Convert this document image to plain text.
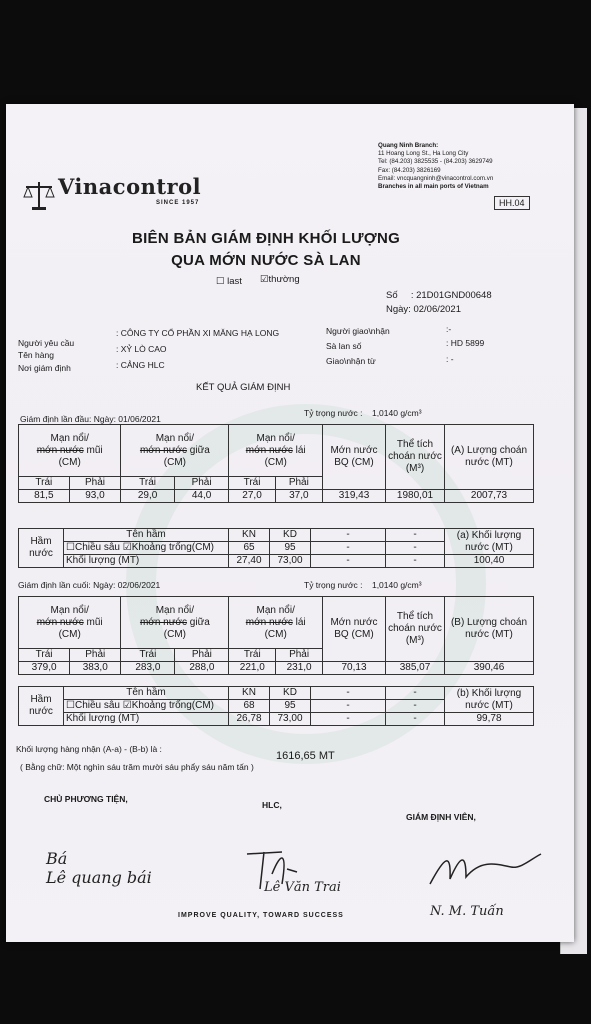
Vinacontrol
SINCE 1957
Quang Ninh Branch:
11 Hoang Long St., Ha Long City
Tel: (84.203) 3825535 - (84.203) 3629749
Fax: (84.203) 3826169
Email: vncquangninh@vinacontrol.com.vn
Branches in all main ports of Vietnam
HH.04
BIÊN BẢN GIÁM ĐỊNH KHỐI LƯỢNG
QUA MỚN NƯỚC SÀ LAN
☐ last ☑thường
Số : 21D01GND00648
Ngày: 02/06/2021
Người yêu cầu
: CÔNG TY CỔ PHẦN XI MĂNG HẠ LONG
Tên hàng
: XỶ LÒ CAO
Nơi giám định	: CẢNG HLC
Người giao\nhận	:-
Sà lan số	: HD 5899
Giao\nhận từ	: -
KẾT QUẢ GIÁM ĐỊNH
Giám định lần đầu: Ngày: 01/06/2021
Tỷ trọng nước : 1,0140 g/cm³
Mạn nổi/
mớn nước mũi
(CM)		Mạn nổi/
mớn nước giữa
(CM)		Mạn nổi/
mớn nước lái
(CM)		Mớn nước BQ (CM)	Thể tích choán nước
(M³)	(A) Lượng choán nước (MT)
Trái	Phải	Trái	Phải	Trái	Phải			
81,5	93,0	29,0	44,0	27,0	37,0	319,43	1980,01	2007,73
Hầm nước	Tên hầm	KN	KD	-	-	(a) Khối lượng nước (MT)
	☐Chiều sâu ☑Khoảng trống(CM)	65	95	-	-	
	Khối lượng (MT)	27,40	73,00	-	-	100,40
Giám định lần cuối: Ngày: 02/06/2021	Tỷ trọng nước : 1,0140 g/cm³
Mạn nổi/
mớn nước mũi
(CM)		Mạn nổi/
mớn nước giữa
(CM)		Mạn nổi/
mớn nước lái
(CM)		Mớn nước BQ (CM)	Thể tích choán nước
(M³)	(B) Lượng choán nước (MT)
Trái	Phải	Trái	Phải	Trái	Phải			
379,0	383,0	283,0	288,0	221,0	231,0	70,13	385,07	390,46
Hầm nước	Tên hầm	KN	KD	-	-	(b) Khối lượng nước (MT)
	☐Chiều sâu ☑Khoảng trống(CM)	68	95	-	-	
	Khối lượng (MT)	26,78	73,00	-	-	99,78
Khối lượng hàng nhận (A-a) - (B-b) là :
1616,65 MT
( Bằng chữ: Một nghìn sáu trăm mười sáu phẩy sáu năm tấn )
CHỦ PHƯƠNG TIỆN,
HLC,
GIÁM ĐỊNH VIÊN,
Bá
Lê quang bái
Lê Văn Trai
N. M. Tuấn
IMPROVE QUALITY, TOWARD SUCCESS
